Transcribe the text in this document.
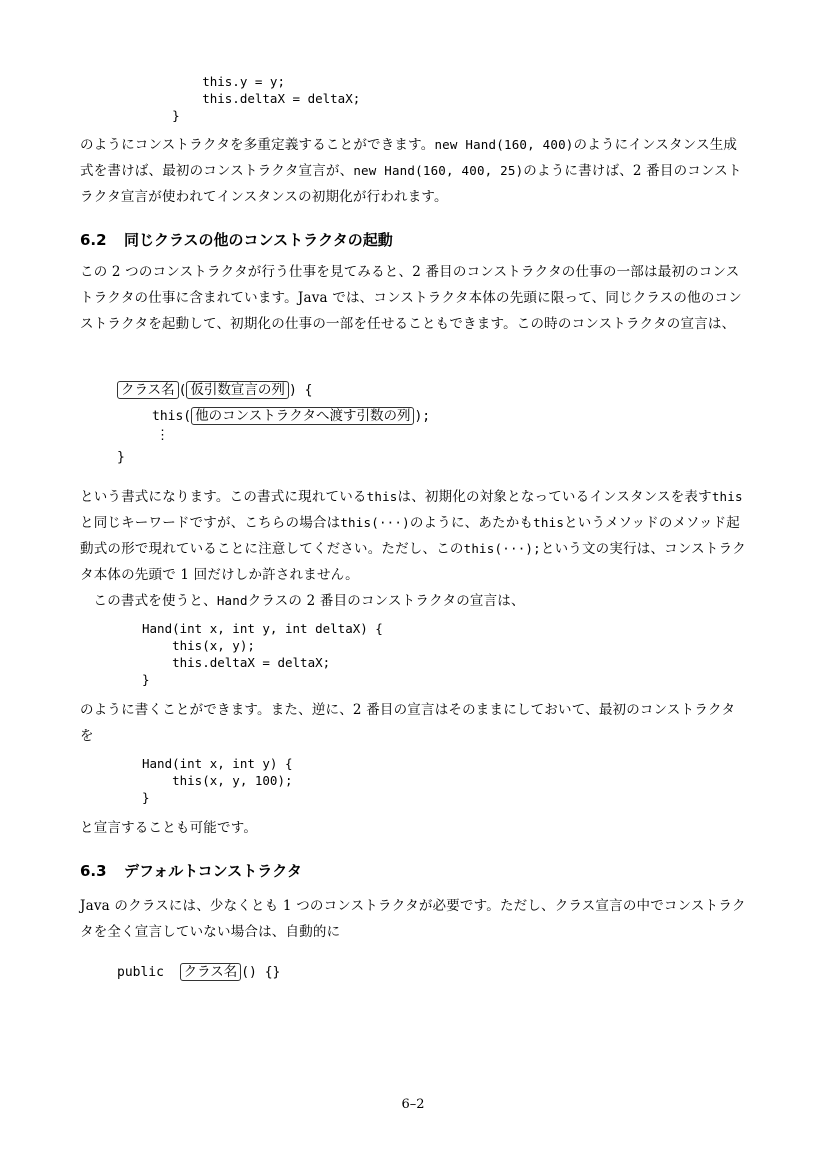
this.y = y;
this.deltaX = deltaX;
}

のようにコンストラクタを多重定義することができます。new Hand(160, 400)のようにインスタンス生成式を書けば、最初のコンストラクタ宣言が、new Hand(160, 400, 25)のように書けば、2 番目のコンストラクタ宣言が使われてインスタンスの初期化が行われます。

6.2 同じクラスの他のコンストラクタの起動

この 2 つのコンストラクタが行う仕事を見てみると、2 番目のコンストラクタの仕事の一部は最初のコンストラクタの仕事に含まれています。Java では、コンストラクタ本体の先頭に限って、同じクラスの他のコンストラクタを起動して、初期化の仕事の一部を任せることもできます。この時のコンストラクタの宣言は、

クラス名 ( 仮引数宣言の列 ) {
this( 他のコンストラクタへ渡す引数の列 );
⋮
}

という書式になります。この書式に現れているthisは、初期化の対象となっているインスタンスを表すthisと同じキーワードですが、こちらの場合はthis(···)のように、あたかもthisというメソッドのメソッド起動式の形で現れていることに注意してください。ただし、このthis(···);という文の実行は、コンストラクタ本体の先頭で 1 回だけしか許されません。

この書式を使うと、Handクラスの 2 番目のコンストラクタの宣言は、

Hand(int x, int y, int deltaX) {
this(x, y);
this.deltaX = deltaX;
}

のように書くことができます。また、逆に、2 番目の宣言はそのままにしておいて、最初のコンストラクタを

Hand(int x, int y) {
this(x, y, 100);
}

と宣言することも可能です。

6.3 デフォルトコンストラクタ

Java のクラスには、少なくとも 1 つのコンストラクタが必要です。ただし、クラス宣言の中でコンストラクタを全く宣言していない場合は、自動的に

public クラス名 () {}
6–2
